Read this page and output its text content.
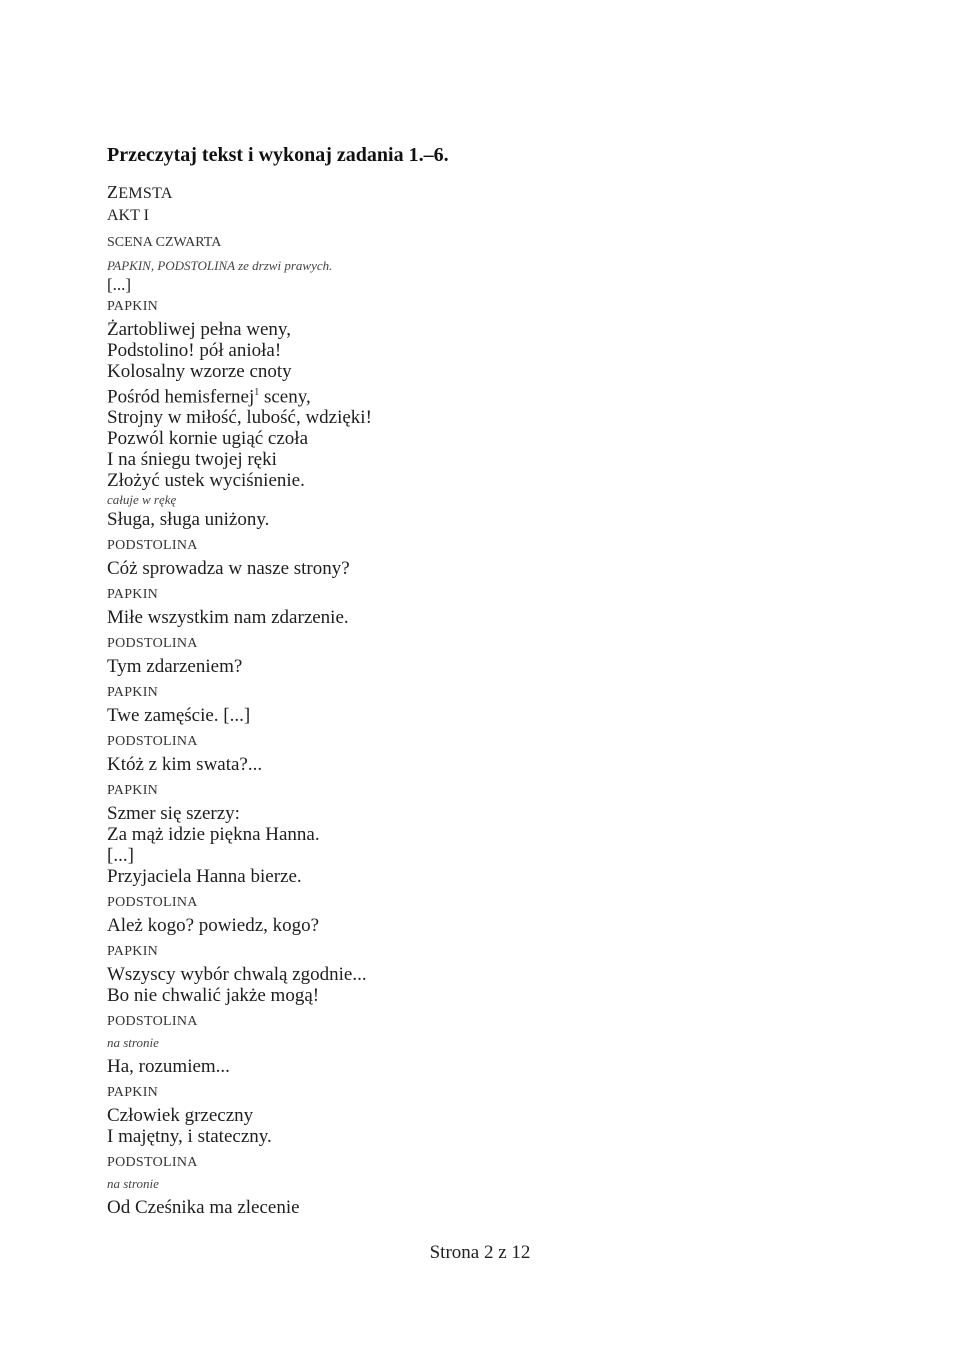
Przeczytaj tekst i wykonaj zadania 1.–6.

ZEMSTA

AKT I

SCENA CZWARTA

PAPKIN, PODSTOLINA ze drzwi prawych.

[...]

PAPKIN

Żartobliwej pełna weny,

Podstolino! pół anioła!

Kolosalny wzorze cnoty

Pośród hemisfernej$^1$ sceny,

Strojny w miłość, lubość, wdzięki!

Pozwól kornie ugiąć czoła

I na śniegu twojej ręki

Złożyć ustek wyciśnienie.

całuje w rękę

Sługa, sługa uniżony.

PODSTOLINA

Cóż sprowadza w nasze strony?

PAPKIN

Miłe wszystkim nam zdarzenie.

PODSTOLINA

Tym zdarzeniem?

PAPKIN

Twe zamęście. [...]

PODSTOLINA

Któż z kim swata?...

PAPKIN

Szmer się szerzy:

Za mąż idzie piękna Hanna.

[...]

Przyjaciela Hanna bierze.

PODSTOLINA

Alеż kogo? powiedz, kogo?

PAPKIN

Wszyscy wybór chwalą zgodnie...

Bo nie chwalić jakże mogą!

PODSTOLINA

na stronie

Ha, rozumiem...

PAPKIN

Człowiek grzeczny

I majętny, i stateczny.

PODSTOLINA

na stronie

Od Cześnika ma zlecenie

Strona 2 z 12
